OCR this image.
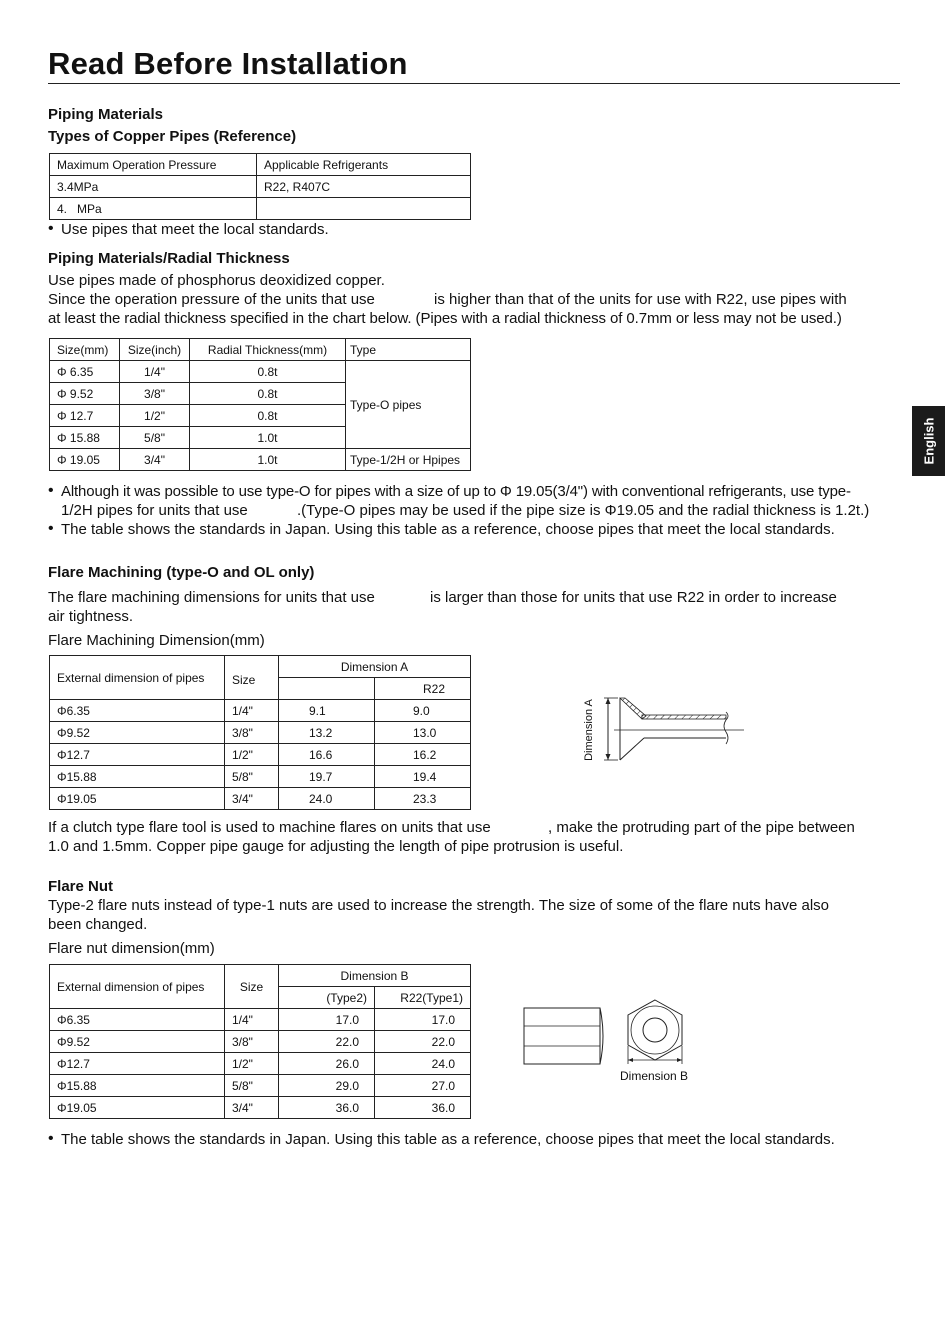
Read Before Installation
English
Piping Materials
Types of Copper Pipes (Reference)
Maximum Operation Pressure	Applicable Refrigerants
3.4MPa	R22, R407C
4.   MPa	
• Use pipes that meet the local standards.
Piping Materials/Radial Thickness
Use pipes made of phosphorus deoxidized copper.
Since the operation pressure of the units that use	is higher than that of the units for use with R22, use pipes with
at least the radial thickness specified in the chart below. (Pipes with a radial thickness of 0.7mm or less may not be used.)
Size(mm)	Size(inch)	Radial Thickness(mm)	Type
Φ 6.35	1/4"	0.8t	Type-O pipes
Φ 9.52	3/8"	0.8t	
Φ 12.7	1/2"	0.8t	
Φ 15.88	5/8"	1.0t	
Φ 19.05	3/4"	1.0t	Type-1/2H or Hpipes
• Although it was possible to use type-O for pipes with a size of up to Φ 19.05(3/4") with conventional refrigerants, use type-
1/2H pipes for units that use	.(Type-O pipes may be used if the pipe size is Φ19.05 and the radial thickness is 1.2t.)
• The table shows the standards in Japan. Using this table as a reference, choose pipes that meet the local standards.
Flare Machining (type-O and OL only)
The flare machining dimensions for units that use	is larger than those for units that use R22 in order to increase
air tightness.
Flare Machining Dimension(mm)
External dimension of pipes	Size	Dimension A	
			R22
Φ6.35	1/4"	9.1	9.0
Φ9.52	3/8"	13.2	13.0
Φ12.7	1/2"	16.6	16.2
Φ15.88	5/8"	19.7	19.4
Φ19.05	3/4"	24.0	23.3
Dimension A
If a clutch type flare tool is used to machine flares on units that use	, make the protruding part of the pipe between
1.0 and 1.5mm. Copper pipe gauge for adjusting the length of pipe protrusion is useful.
Flare Nut
Type-2 flare nuts instead of type-1 nuts are used to increase the strength. The size of some of the flare nuts have also
been changed.
Flare nut dimension(mm)
External dimension of pipes	Size	Dimension B	
		(Type2)	R22(Type1)
Φ6.35	1/4"	17.0	17.0
Φ9.52	3/8"	22.0	22.0
Φ12.7	1/2"	26.0	24.0
Φ15.88	5/8"	29.0	27.0
Φ19.05	3/4"	36.0	36.0
Dimension B
• The table shows the standards in Japan. Using this table as a reference, choose pipes that meet the local standards.
